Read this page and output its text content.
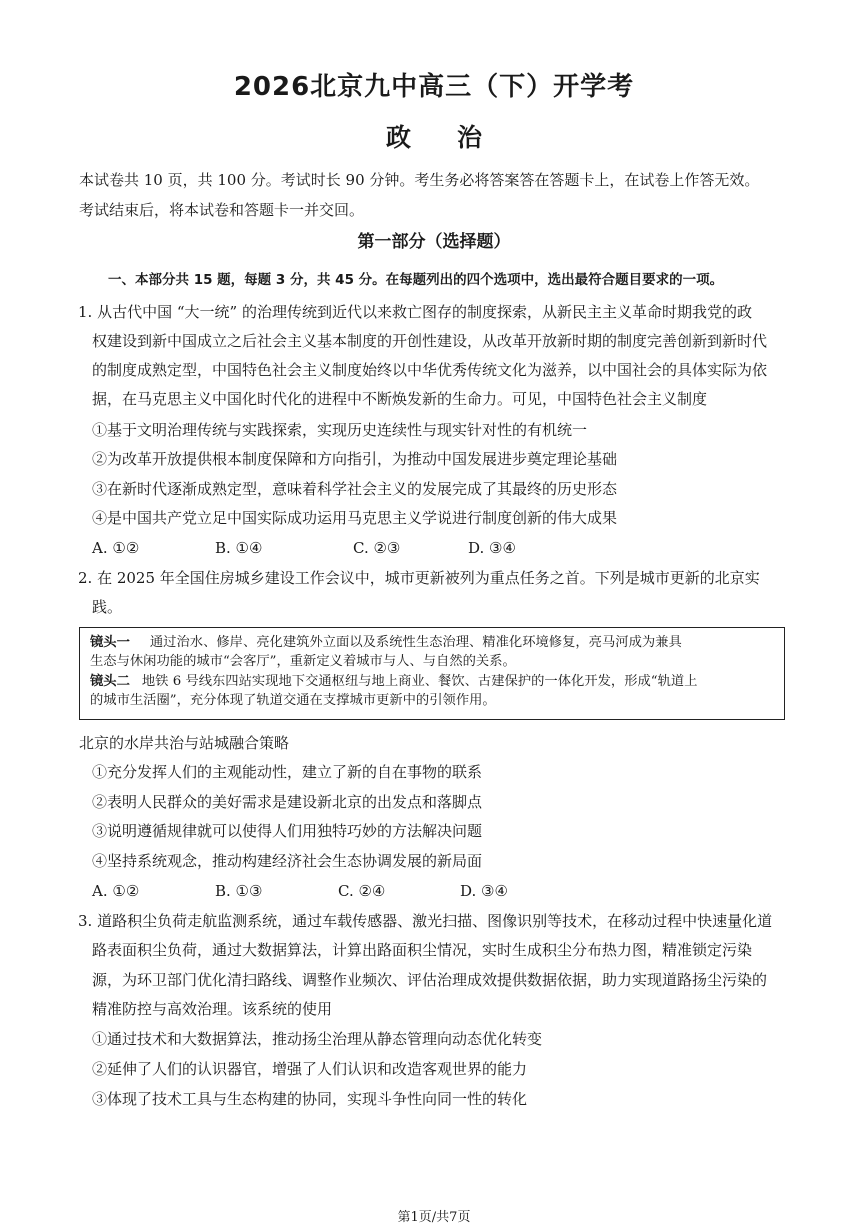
2026北京九中高三（下）开学考
政 治
本试卷共 10 页，共 100 分。考试时长 90 分钟。考生务必将答案答在答题卡上，在试卷上作答无效。
考试结束后，将本试卷和答题卡一并交回。
第一部分（选择题）
一、本部分共 15 题，每题 3 分，共 45 分。在每题列出的四个选项中，选出最符合题目要求的一项。
1. 从古代中国 “大一统” 的治理传统到近代以来救亡图存的制度探索，从新民主主义革命时期我党的政
权建设到新中国成立之后社会主义基本制度的开创性建设，从改革开放新时期的制度完善创新到新时代
的制度成熟定型，中国特色社会主义制度始终以中华优秀传统文化为滋养，以中国社会的具体实际为依
据，在马克思主义中国化时代化的进程中不断焕发新的生命力。可见，中国特色社会主义制度
①基于文明治理传统与实践探索，实现历史连续性与现实针对性的有机统一
②为改革开放提供根本制度保障和方向指引，为推动中国发展进步奠定理论基础
③在新时代逐渐成熟定型，意味着科学社会主义的发展完成了其最终的历史形态
④是中国共产党立足中国实际成功运用马克思主义学说进行制度创新的伟大成果
A. ①②	B. ①④	C. ②③	D. ③④
2. 在 2025 年全国住房城乡建设工作会议中，城市更新被列为重点任务之首。下列是城市更新的北京实
践。
镜头一 通过治水、修岸、亮化建筑外立面以及系统性生态治理、精准化环境修复，亮马河成为兼具
生态与休闲功能的城市“会客厅”，重新定义着城市与人、与自然的关系。
镜头二 地铁 6 号线东四站实现地下交通枢纽与地上商业、餐饮、古建保护的一体化开发，形成“轨道上
的城市生活圈”，充分体现了轨道交通在支撑城市更新中的引领作用。
北京的水岸共治与站城融合策略
①充分发挥人们的主观能动性，建立了新的自在事物的联系
②表明人民群众的美好需求是建设新北京的出发点和落脚点
③说明遵循规律就可以使得人们用独特巧妙的方法解决问题
④坚持系统观念，推动构建经济社会生态协调发展的新局面
A. ①②	B. ①③	C. ②④	D. ③④
3. 道路积尘负荷走航监测系统，通过车载传感器、激光扫描、图像识别等技术，在移动过程中快速量化道
路表面积尘负荷，通过大数据算法，计算出路面积尘情况，实时生成积尘分布热力图，精准锁定污染
源，为环卫部门优化清扫路线、调整作业频次、评估治理成效提供数据依据，助力实现道路扬尘污染的
精准防控与高效治理。该系统的使用
①通过技术和大数据算法，推动扬尘治理从静态管理向动态优化转变
②延伸了人们的认识器官，增强了人们认识和改造客观世界的能力
③体现了技术工具与生态构建的协同，实现斗争性向同一性的转化
第1页/共7页
